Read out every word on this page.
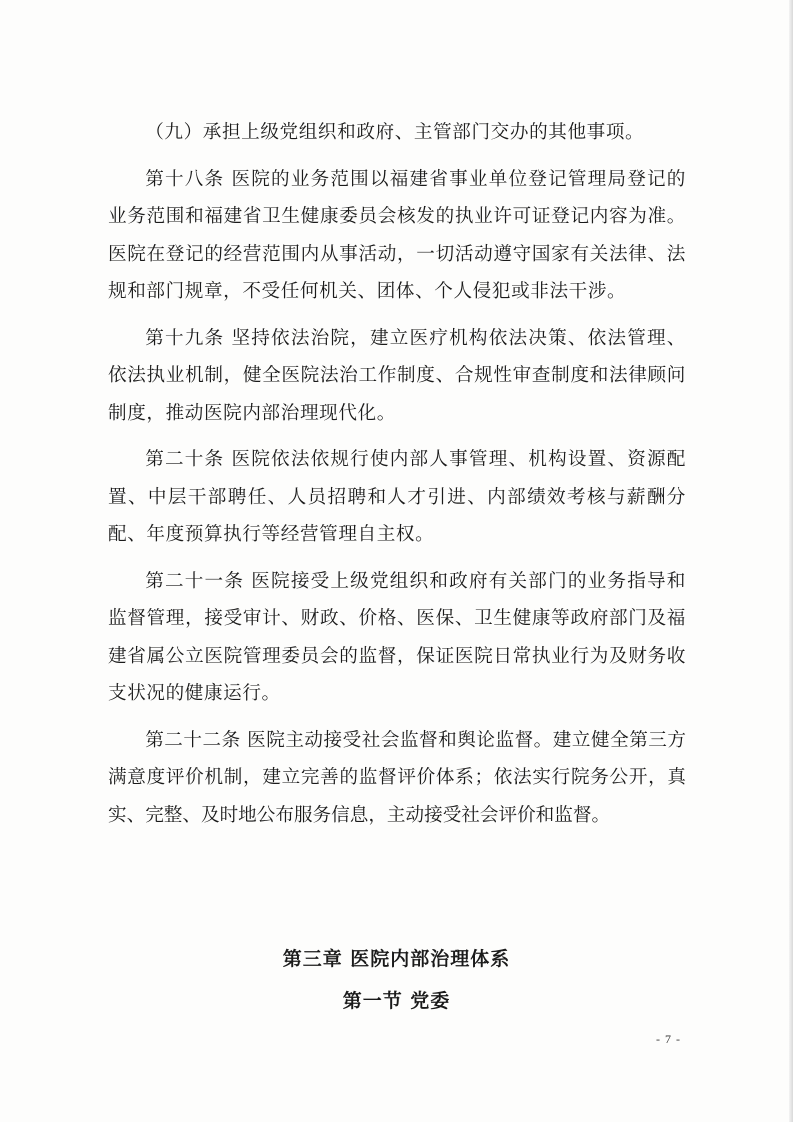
（九）承担上级党组织和政府、主管部门交办的其他事项。

第十八条 医院的业务范围以福建省事业单位登记管理局登记的业务范围和福建省卫生健康委员会核发的执业许可证登记内容为准。医院在登记的经营范围内从事活动，一切活动遵守国家有关法律、法规和部门规章，不受任何机关、团体、个人侵犯或非法干涉。

第十九条 坚持依法治院，建立医疗机构依法决策、依法管理、依法执业机制，健全医院法治工作制度、合规性审查制度和法律顾问制度，推动医院内部治理现代化。

第二十条 医院依法依规行使内部人事管理、机构设置、资源配置、中层干部聘任、人员招聘和人才引进、内部绩效考核与薪酬分配、年度预算执行等经营管理自主权。

第二十一条 医院接受上级党组织和政府有关部门的业务指导和监督管理，接受审计、财政、价格、医保、卫生健康等政府部门及福建省属公立医院管理委员会的监督，保证医院日常执业行为及财务收支状况的健康运行。

第二十二条 医院主动接受社会监督和舆论监督。建立健全第三方满意度评价机制，建立完善的监督评价体系；依法实行院务公开，真实、完整、及时地公布服务信息，主动接受社会评价和监督。

第三章 医院内部治理体系
第一节 党委
- 7 -
